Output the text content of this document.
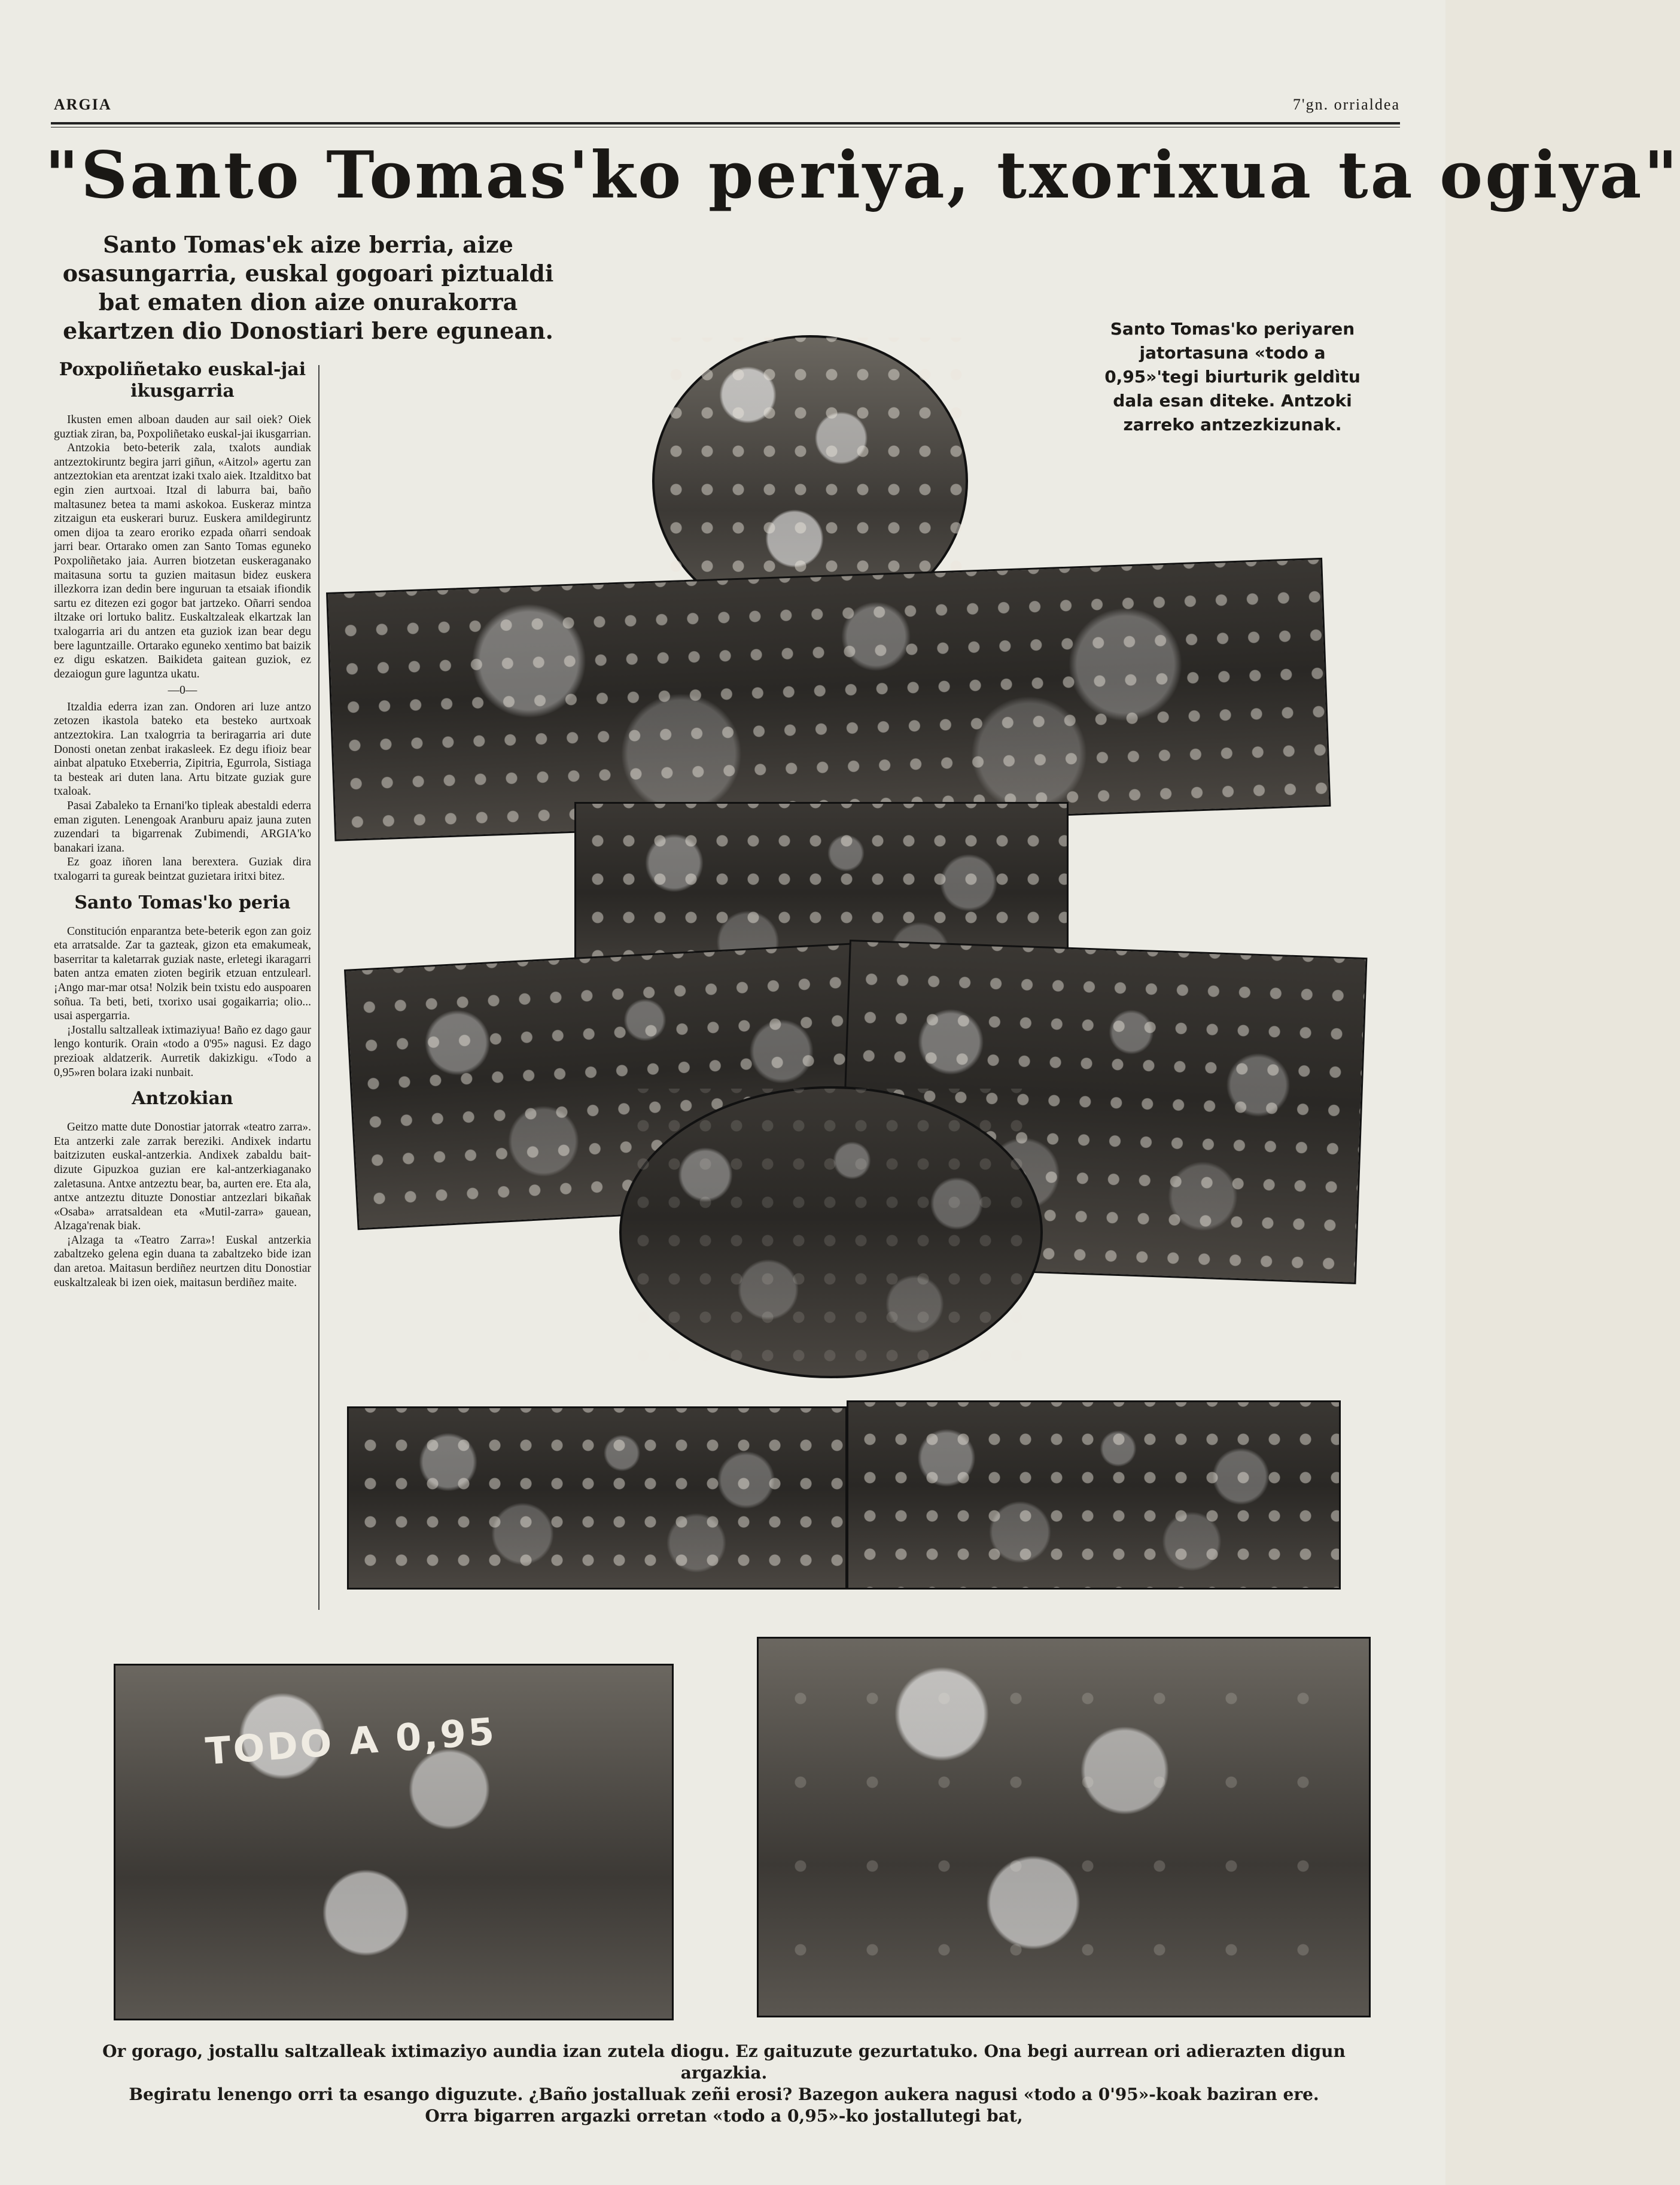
ARGIA	7'gn. orrialdea
"Santo Tomas'ko periya, txorixua ta ogiya"
Santo Tomas'ek aize berria, aize osasungarria, euskal gogoari piztualdi bat ematen dion aize onurakorra ekartzen dio Donostiari bere egunean.
Poxpoliñetako euskal-jai ikusgarria

Ikusten emen alboan dauden aur sail oiek? Oiek guztiak ziran, ba, Poxpoliñetako euskal-jai ikusgarrian.

Antzokia beto-beterik zala, txalots aundiak antzeztokiruntz begira jarri giñun, «Aitzol» agertu zan antzeztokian eta arentzat izaki txalo aiek. Itzalditxo bat egin zien aurtxoai. Itzal di laburra bai, baño maltasunez betea ta mami askokoa. Euskeraz mintza zitzaigun eta euskerari buruz. Euskera amildegiruntz omen dijoa ta zearo eroriko ezpada oñarri sendoak jarri bear. Ortarako omen zan Santo Tomas eguneko Poxpoliñetako jaia. Aurren biotzetan euskeraganako maitasuna sortu ta guzien maitasun bidez euskera illezkorra izan dedin bere inguruan ta etsaiak ifiondik sartu ez ditezen ezi gogor bat jartzeko. Oñarri sendoa iltzake ori lortuko balitz. Euskaltzaleak elkartzak lan txalogarria ari du antzen eta guziok izan bear degu bere laguntzaille. Ortarako eguneko xentimo bat baizik ez digu eskatzen. Baikideta gaitean guziok, ez dezaiogun gure laguntza ukatu.

—0—

Itzaldia ederra izan zan. Ondoren ari luze antzo zetozen ikastola bateko eta besteko aurtxoak antzeztokira. Lan txalogrria ta beriragarria ari dute Donosti onetan zenbat irakasleek. Ez degu ifioiz bear ainbat alpatuko Etxeberria, Zipitria, Egurrola, Sistiaga ta besteak ari duten lana. Artu bitzate guziak gure txaloak.

Pasai Zabaleko ta Ernani'ko tipleak abestaldi ederra eman ziguten. Lenengoak Aranburu apaiz jauna zuten zuzendari ta bigarrenak Zubimendi, ARGIA'ko banakari izana.

Ez goaz iñoren lana berextera. Guziak dira txalogarri ta gureak beintzat guzietara iritxi bitez.

Santo Tomas'ko peria

Constitución enparantza bete-beterik egon zan goiz eta arratsalde. Zar ta gazteak, gizon eta emakumeak, baserritar ta kaletarrak guziak naste, erletegi ikaragarri baten antza ematen zioten begirik etzuan entzulearl. ¡Ango mar-mar otsa! Nolzik bein txistu edo auspoaren soñua. Ta beti, beti, txorixo usai gogaikarria; olio... usai aspergarria.

¡Jostallu saltzalleak ixtimaziyua! Baño ez dago gaur lengo konturik. Orain «todo a 0'95» nagusi. Ez dago prezioak aldatzerik. Aurretik dakizkigu. «Todo a 0,95»ren bolara izaki nunbait.

Antzokian

Geitzo matte dute Donostiar jatorrak «teatro zarra». Eta antzerki zale zarrak bereziki. Andixek indartu baitzizuten euskal-antzerkia. Andixek zabaldu bait-dizute Gipuzkoa guzian ere kal-antzerkiaganako zaletasuna. Antxe antzeztu bear, ba, aurten ere. Eta ala, antxe antzeztu dituzte Donostiar antzezlari bikañak «Osaba» arratsaldean eta «Mutil-zarra» gauean, Alzaga'renak biak.

¡Alzaga ta «Teatro Zarra»! Euskal antzerkia zabaltzeko gelena egin duana ta zabaltzeko bide izan dan aretoa. Maitasun berdiñez neurtzen ditu Donostiar euskaltzaleak bi izen oiek, maitasun berdiñez maite.

Santo Tomas'ko periyaren jatortasuna «todo a 0,95»'tegi biurturik geldìtu dala esan diteke. Antzoki zarreko antzezkizunak.
TODO A 0,95
Or gorago, jostallu saltzalleak ixtimaziyo aundia izan zutela diogu. Ez gaituzute gezurtatuko. Ona begi aurrean ori adierazten digun argazkia.
Begiratu lenengo orri ta esango diguzute. ¿Baño jostalluak zeñi erosi? Bazegon aukera nagusi «todo a 0'95»-koak baziran ere.
Orra bigarren argazki orretan «todo a 0,95»-ko jostallutegi bat,
